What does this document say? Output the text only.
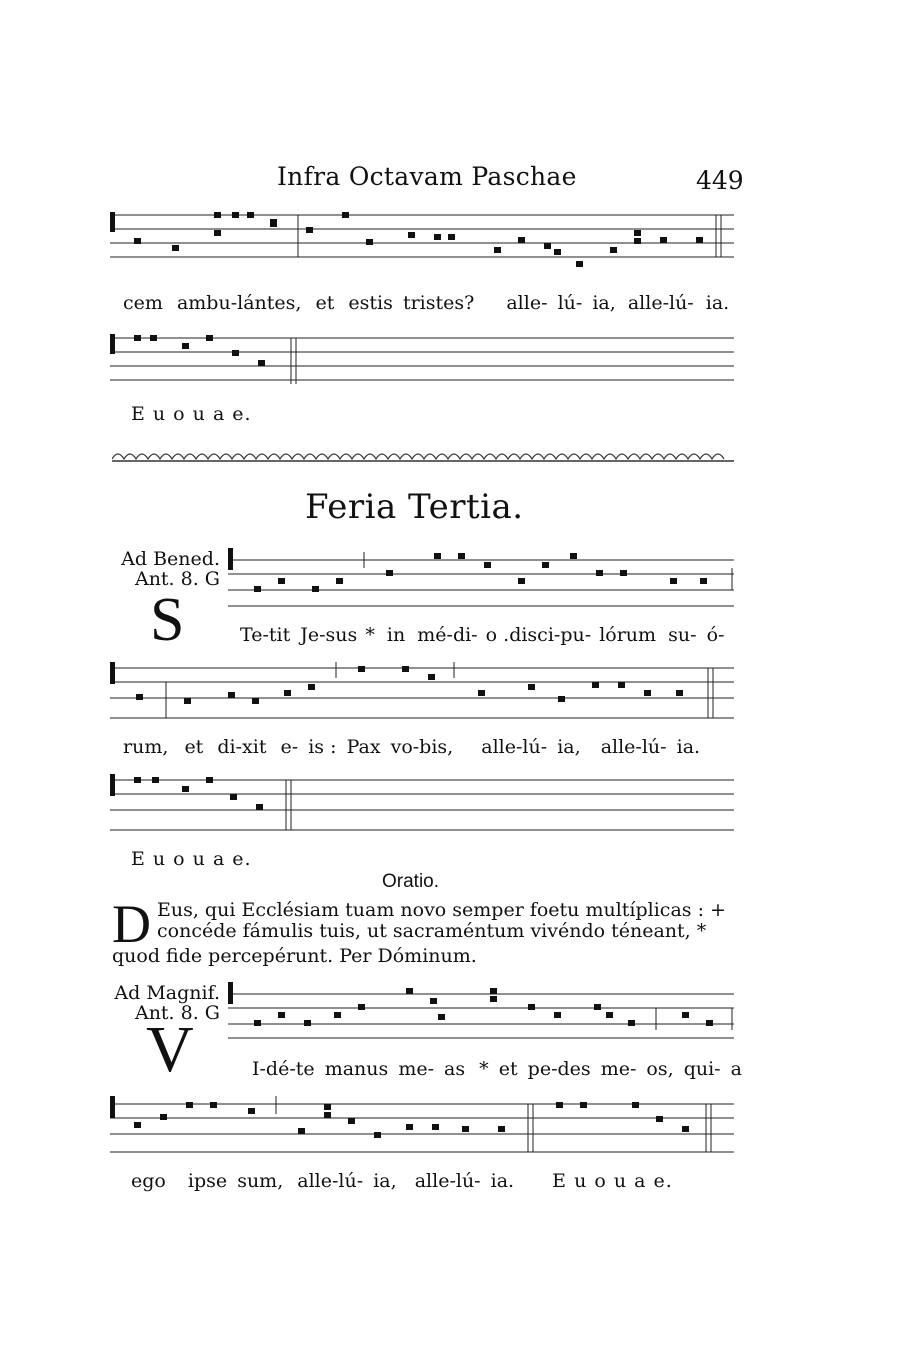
Infra Octavam Paschae	449
cem ambu-lántes, et estis tristes? alle- lú- ia, alle-lú- ia.
E u o u a e.
Feria Tertia.
Ad Bened.
Ant. 8. G
S	Te-tit Je-sus * in mé-di- o .disci-pu- lórum su- ó-
rum, et di-xit e- is : Pax vo-bis, alle-lú- ia, alle-lú- ia.
E u o u a e.
Oratio.
D Eus, qui Ecclésiam tuam novo semper foetu multíplicas : +

concéde fámulis tuis, ut sacraméntum vivéndo téneant, *

quod fide percepérunt. Per Dóminum.

Ad Magnif.
Ant. 8. G
V	I-dé-te manus me- as * et pe-des me- os, qui- a
ego ipse sum, alle-lú- ia, alle-lú- ia. E u o u a e.
